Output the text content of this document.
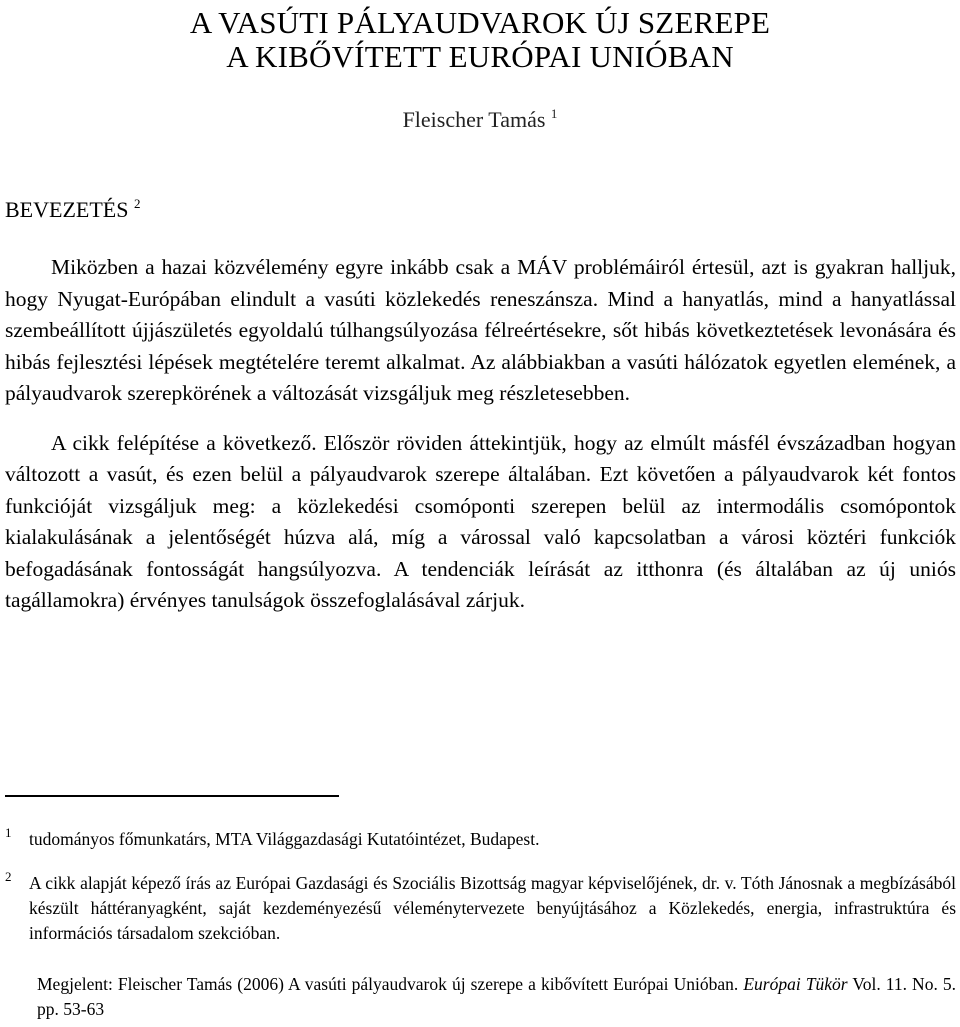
A VASÚTI PÁLYAUDVAROK ÚJ SZEREPE
A KIBŐVÍTETT EURÓPAI UNIÓBAN
Fleischer Tamás $^1$
BEVEZETÉS $^2$

Miközben a hazai közvélemény egyre inkább csak a MÁV problémáiról értesül, azt is gyakran halljuk, hogy Nyugat-Európában elindult a vasúti közlekedés reneszánsza. Mind a hanyatlás, mind a hanyatlással szembeállított újjászületés egyoldalú túlhangsúlyozása félreértésekre, sőt hibás következtetések levonására és hibás fejlesztési lépések megtételére teremt alkalmat. Az alábbiakban a vasúti hálózatok egyetlen elemének, a pályaudvarok szerepkörének a változását vizsgáljuk meg részletesebben.

A cikk felépítése a következő. Először röviden áttekintjük, hogy az elmúlt másfél évszázadban hogyan változott a vasút, és ezen belül a pályaudvarok szerepe általában. Ezt követően a pályaudvarok két fontos funkcióját vizsgáljuk meg: a közlekedési csomóponti szerepen belül az intermodális csomópontok kialakulásának a jelentőségét húzva alá, míg a várossal való kapcsolatban a városi köztéri funkciók befogadásának fontosságát hangsúlyozva. A tendenciák leírását az itthonra (és általában az új uniós tagállamokra) érvényes tanulságok összefoglalásával zárjuk.

1	tudományos főmunkatárs, MTA Világgazdasági Kutatóintézet, Budapest.
2	A cikk alapját képező írás az Európai Gazdasági és Szociális Bizottság magyar képviselőjének, dr. v. Tóth Jánosnak a megbízásából készült háttéranyagként, saját kezdeményezésű véleménytervezete benyújtásához a Közlekedés, energia, infrastruktúra és információs társadalom szekcióban.
Megjelent: Fleischer Tamás (2006) A vasúti pályaudvarok új szerepe a kibővített Európai Unióban. Európai Tükör Vol. 11. No. 5. pp. 53-63
